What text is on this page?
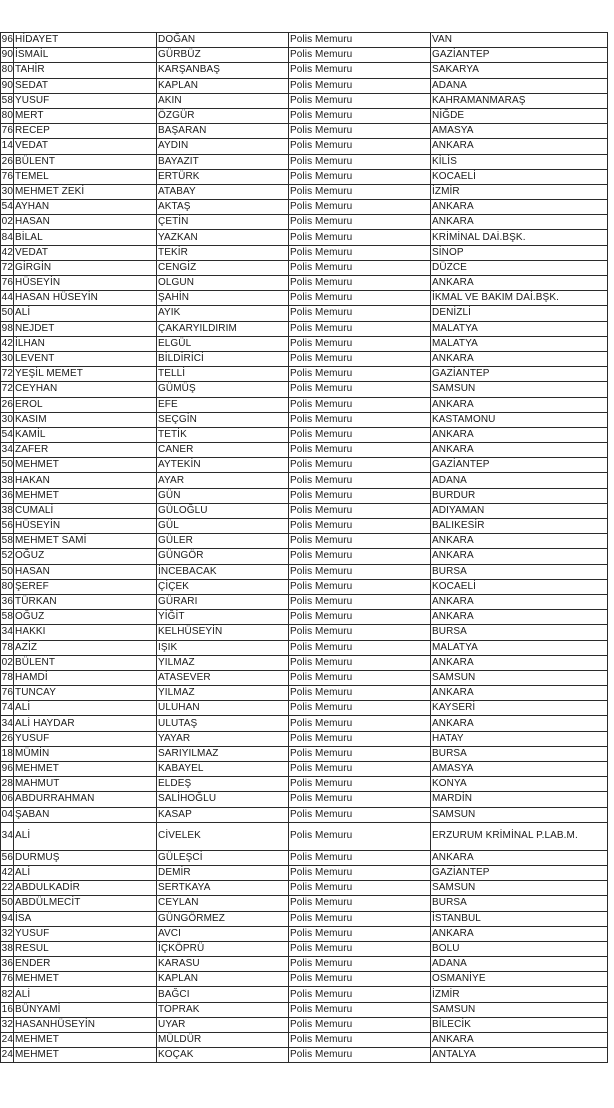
96	HİDAYET	DOĞAN	Polis Memuru	VAN
90	İSMAİL	GÜRBÜZ	Polis Memuru	GAZİANTEP
80	TAHİR	KARŞANBAŞ	Polis Memuru	SAKARYA
90	SEDAT	KAPLAN	Polis Memuru	ADANA
58	YUSUF	AKIN	Polis Memuru	KAHRAMANMARAŞ
80	MERT	ÖZGÜR	Polis Memuru	NİĞDE
76	RECEP	BAŞARAN	Polis Memuru	AMASYA
14	VEDAT	AYDIN	Polis Memuru	ANKARA
26	BÜLENT	BAYAZIT	Polis Memuru	KİLİS
76	TEMEL	ERTÜRK	Polis Memuru	KOCAELİ
30	MEHMET ZEKİ	ATABAY	Polis Memuru	İZMİR
54	AYHAN	AKTAŞ	Polis Memuru	ANKARA
02	HASAN	ÇETİN	Polis Memuru	ANKARA
84	BİLAL	YAZKAN	Polis Memuru	KRİMİNAL DAİ.BŞK.
42	VEDAT	TEKİR	Polis Memuru	SİNOP
72	GİRGİN	CENGİZ	Polis Memuru	DÜZCE
76	HÜSEYİN	OLGUN	Polis Memuru	ANKARA
44	HASAN HÜSEYİN	ŞAHİN	Polis Memuru	İKMAL VE BAKIM DAİ.BŞK.
50	ALİ	AYIK	Polis Memuru	DENİZLİ
98	NEJDET	ÇAKARYILDIRIM	Polis Memuru	MALATYA
42	İLHAN	ELGÜL	Polis Memuru	MALATYA
30	LEVENT	BİLDİRİCİ	Polis Memuru	ANKARA
72	YEŞİL MEMET	TELLİ	Polis Memuru	GAZİANTEP
72	CEYHAN	GÜMÜŞ	Polis Memuru	SAMSUN
26	EROL	EFE	Polis Memuru	ANKARA
30	KASIM	SEÇGİN	Polis Memuru	KASTAMONU
54	KAMİL	TETİK	Polis Memuru	ANKARA
34	ZAFER	CANER	Polis Memuru	ANKARA
50	MEHMET	AYTEKİN	Polis Memuru	GAZİANTEP
38	HAKAN	AYAR	Polis Memuru	ADANA
36	MEHMET	GÜN	Polis Memuru	BURDUR
38	CUMALİ	GÜLOĞLU	Polis Memuru	ADIYAMAN
56	HÜSEYİN	GÜL	Polis Memuru	BALIKESİR
58	MEHMET SAMİ	GÜLER	Polis Memuru	ANKARA
52	OĞUZ	GÜNGÖR	Polis Memuru	ANKARA
50	HASAN	İNCEBACAK	Polis Memuru	BURSA
80	ŞEREF	ÇİÇEK	Polis Memuru	KOCAELİ
36	TÜRKAN	GÜRARI	Polis Memuru	ANKARA
58	OĞUZ	YİĞİT	Polis Memuru	ANKARA
34	HAKKI	KELHÜSEYİN	Polis Memuru	BURSA
78	AZİZ	IŞIK	Polis Memuru	MALATYA
02	BÜLENT	YILMAZ	Polis Memuru	ANKARA
78	HAMDİ	ATASEVER	Polis Memuru	SAMSUN
76	TUNCAY	YILMAZ	Polis Memuru	ANKARA
74	ALİ	ULUHAN	Polis Memuru	KAYSERİ
34	ALİ HAYDAR	ULUTAŞ	Polis Memuru	ANKARA
26	YUSUF	YAYAR	Polis Memuru	HATAY
18	MÜMİN	SARIYILMAZ	Polis Memuru	BURSA
96	MEHMET	KABAYEL	Polis Memuru	AMASYA
28	MAHMUT	ELDEŞ	Polis Memuru	KONYA
06	ABDURRAHMAN	SALİHOĞLU	Polis Memuru	MARDİN
04	ŞABAN	KASAP	Polis Memuru	SAMSUN
34	ALİ	CİVELEK	Polis Memuru	ERZURUM KRİMİNAL P.LAB.M.
56	DURMUŞ	GÜLEŞCİ	Polis Memuru	ANKARA
42	ALİ	DEMİR	Polis Memuru	GAZİANTEP
22	ABDULKADİR	SERTKAYA	Polis Memuru	SAMSUN
50	ABDÜLMECİT	CEYLAN	Polis Memuru	BURSA
94	İSA	GÜNGÖRMEZ	Polis Memuru	İSTANBUL
32	YUSUF	AVCI	Polis Memuru	ANKARA
38	RESUL	İÇKÖPRÜ	Polis Memuru	BOLU
36	ENDER	KARASU	Polis Memuru	ADANA
76	MEHMET	KAPLAN	Polis Memuru	OSMANİYE
82	ALİ	BAĞCI	Polis Memuru	İZMİR
16	BÜNYAMİ	TOPRAK	Polis Memuru	SAMSUN
32	HASANHÜSEYİN	UYAR	Polis Memuru	BİLECİK
24	MEHMET	MÜLDÜR	Polis Memuru	ANKARA
24	MEHMET	KOÇAK	Polis Memuru	ANTALYA
